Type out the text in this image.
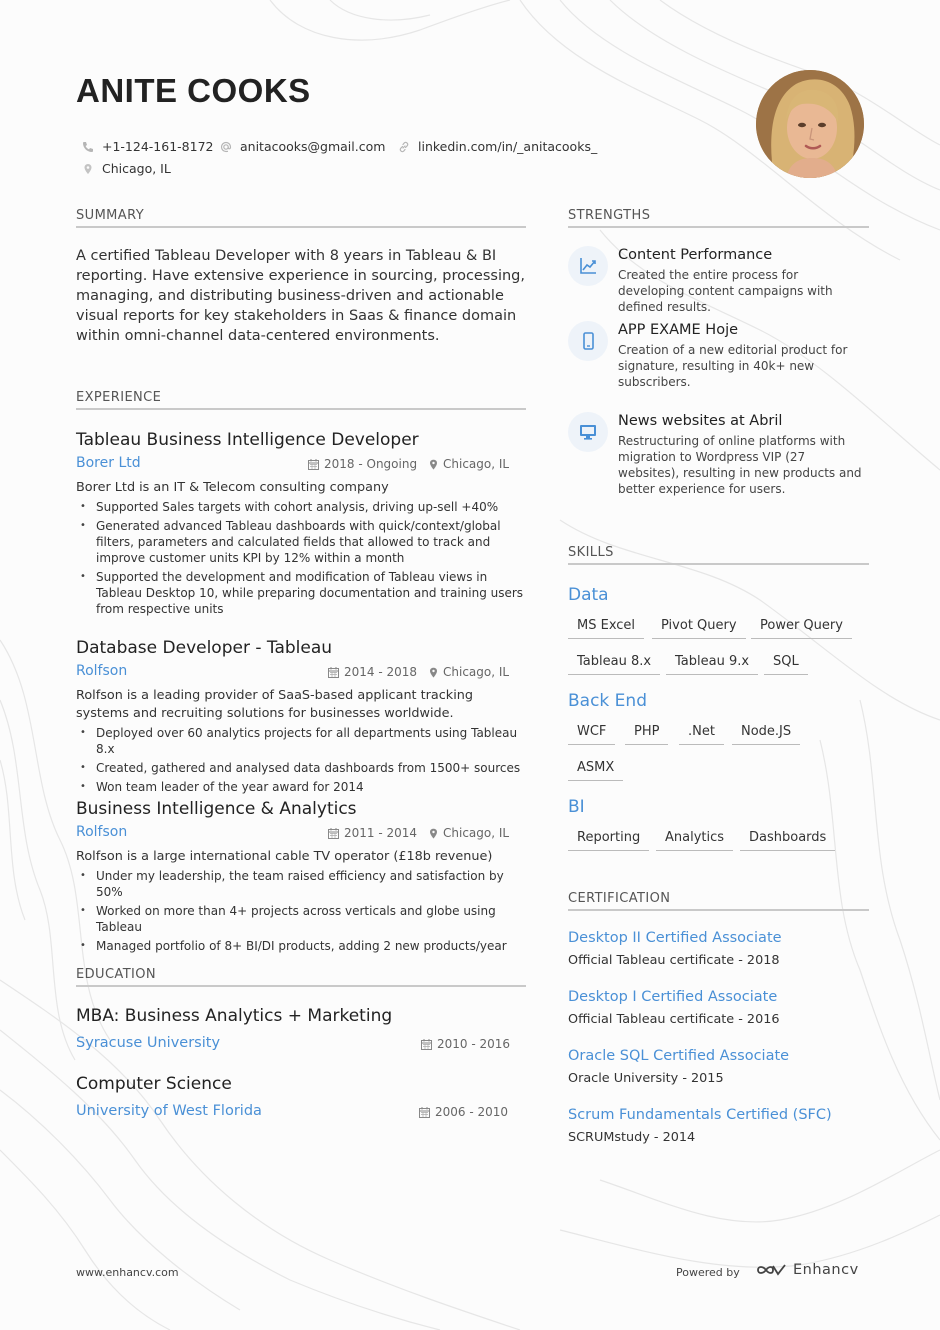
ANITE COOKS
+1-124-161-8172 anitacooks@gmail.com	linkedin.com/in/_anitacooks_
Chicago, IL
SUMMARY
A certified Tableau Developer with 8 years in Tableau & BI reporting. Have extensive experience in sourcing, processing, managing, and distributing business-driven and actionable visual reports for key stakeholders in Saas & finance domain within omni-channel data-centered environments.
EXPERIENCE
Tableau Business Intelligence Developer
Borer Ltd	2018 - Ongoing Chicago, IL
Borer Ltd is an IT & Telecom consulting company
• Supported Sales targets with cohort analysis, driving up-sell +40%
• Generated advanced Tableau dashboards with quick/context/global filters, parameters and calculated fields that allowed to track and improve customer units KPI by 12% within a month
• Supported the development and modification of Tableau views in Tableau Desktop 10, while preparing documentation and training users from respective units
Database Developer - Tableau
Rolfson	2014 - 2018 Chicago, IL
Rolfson is a leading provider of SaaS-based applicant tracking systems and recruiting solutions for businesses worldwide.
• Deployed over 60 analytics projects for all departments using Tableau 8.x
• Created, gathered and analysed data dashboards from 1500+ sources
• Won team leader of the year award for 2014
Business Intelligence & Analytics
Rolfson	2011 - 2014 Chicago, IL
Rolfson is a large international cable TV operator (£18b revenue)
• Under my leadership, the team raised efficiency and satisfaction by 50%
• Worked on more than 4+ projects across verticals and globe using Tableau
• Managed portfolio of 8+ BI/DI products, adding 2 new products/year
EDUCATION
MBA: Business Analytics + Marketing
Syracuse University	2010 - 2016
Computer Science
University of West Florida	2006 - 2010
STRENGTHS
Content Performance
Created the entire process for developing content campaigns with defined results.
APP EXAME Hoje
Creation of a new editorial product for signature, resulting in 40k+ new subscribers.
News websites at Abril
Restructuring of online platforms with migration to Wordpress VIP (27 websites), resulting in new products and better experience for users.
SKILLS
Data
MS Excel	Pivot Query	Power Query
Tableau 8.x	Tableau 9.x	SQL
Back End
WCF	PHP	.Net	Node.JS
ASMX
BI
Reporting	Analytics	Dashboards
CERTIFICATION
Desktop II Certified Associate
Official Tableau certificate - 2018
Desktop I Certified Associate
Official Tableau certificate - 2016
Oracle SQL Certified Associate
Oracle University - 2015
Scrum Fundamentals Certified (SFC)
SCRUMstudy - 2014
www.enhancv.com	Powered by	Enhancv
